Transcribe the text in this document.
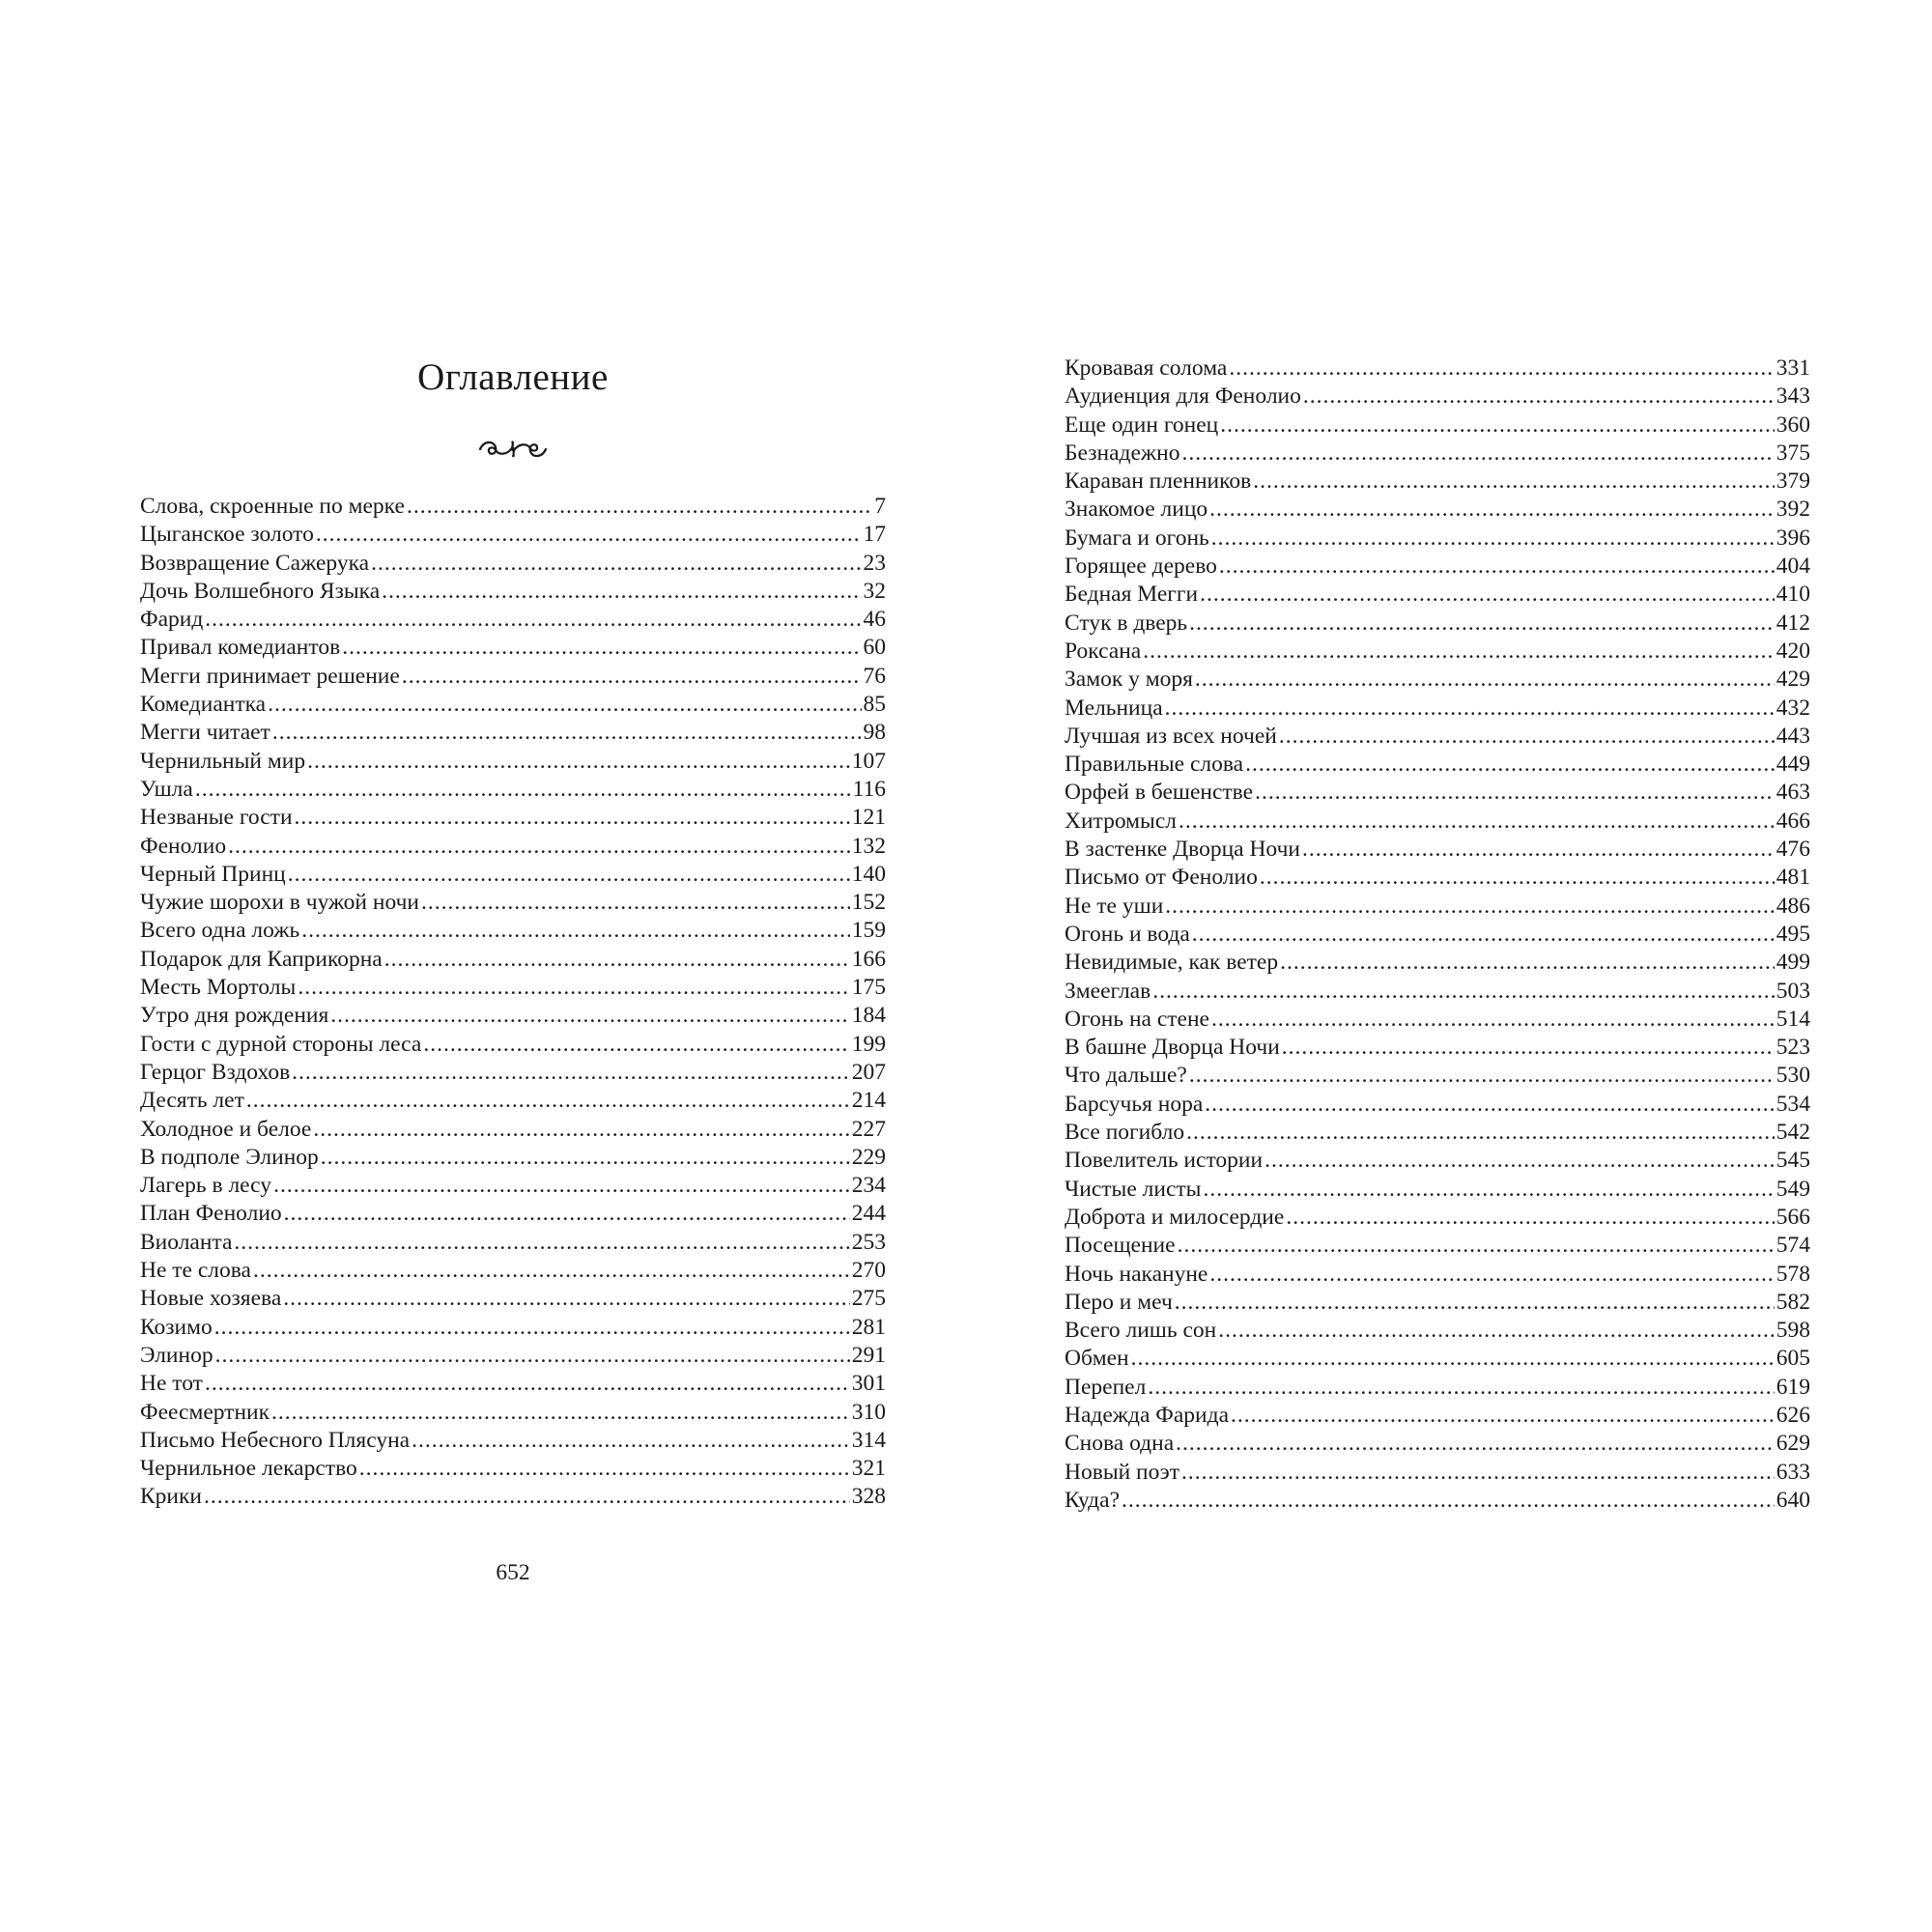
Оглавление
Слова, скроенные по мерке .....	7
Цыганское золото .....	17
Возвращение Сажерука .....	23
Дочь Волшебного Языка .....	32
Фарид .....	46
Привал комедиантов .....	60
Мегги принимает решение .....	76
Комедиантка .....	85
Мегги читает .....	98
Чернильный мир .....	107
Ушла .....	116
Незваные гости .....	121
Фенолио .....	132
Черный Принц .....	140
Чужие шорохи в чужой ночи .....	152
Всего одна ложь .....	159
Подарок для Каприкорна .....	166
Месть Мортолы .....	175
Утро дня рождения .....	184
Гости с дурной стороны леса .....	199
Герцог Вздохов .....	207
Десять лет .....	214
Холодное и белое .....	227
В подполе Элинор .....	229
Лагерь в лесу .....	234
План Фенолио .....	244
Виоланта .....	253
Не те слова .....	270
Новые хозяева .....	275
Козимо .....	281
Элинор .....	291
Не тот .....	301
Феесмертник .....	310
Письмо Небесного Плясуна .....	314
Чернильное лекарство .....	321
Крики .....	328
652
Кровавая солома .....	331
Аудиенция для Фенолио .....	343
Еще один гонец .....	360
Безнадежно .....	375
Караван пленников .....	379
Знакомое лицо .....	392
Бумага и огонь .....	396
Горящее дерево .....	404
Бедная Мегги .....	410
Стук в дверь .....	412
Роксана .....	420
Замок у моря .....	429
Мельница .....	432
Лучшая из всех ночей .....	443
Правильные слова .....	449
Орфей в бешенстве .....	463
Хитромысл .....	466
В застенке Дворца Ночи .....	476
Письмо от Фенолио .....	481
Не те уши .....	486
Огонь и вода .....	495
Невидимые, как ветер .....	499
Змееглав .....	503
Огонь на стене .....	514
В башне Дворца Ночи .....	523
Что дальше? .....	530
Барсучья нора .....	534
Все погибло .....	542
Повелитель истории .....	545
Чистые листы .....	549
Доброта и милосердие .....	566
Посещение .....	574
Ночь накануне .....	578
Перо и меч .....	582
Всего лишь сон .....	598
Обмен .....	605
Перепел .....	619
Надежда Фарида .....	626
Снова одна .....	629
Новый поэт .....	633
Куда? .....	640
